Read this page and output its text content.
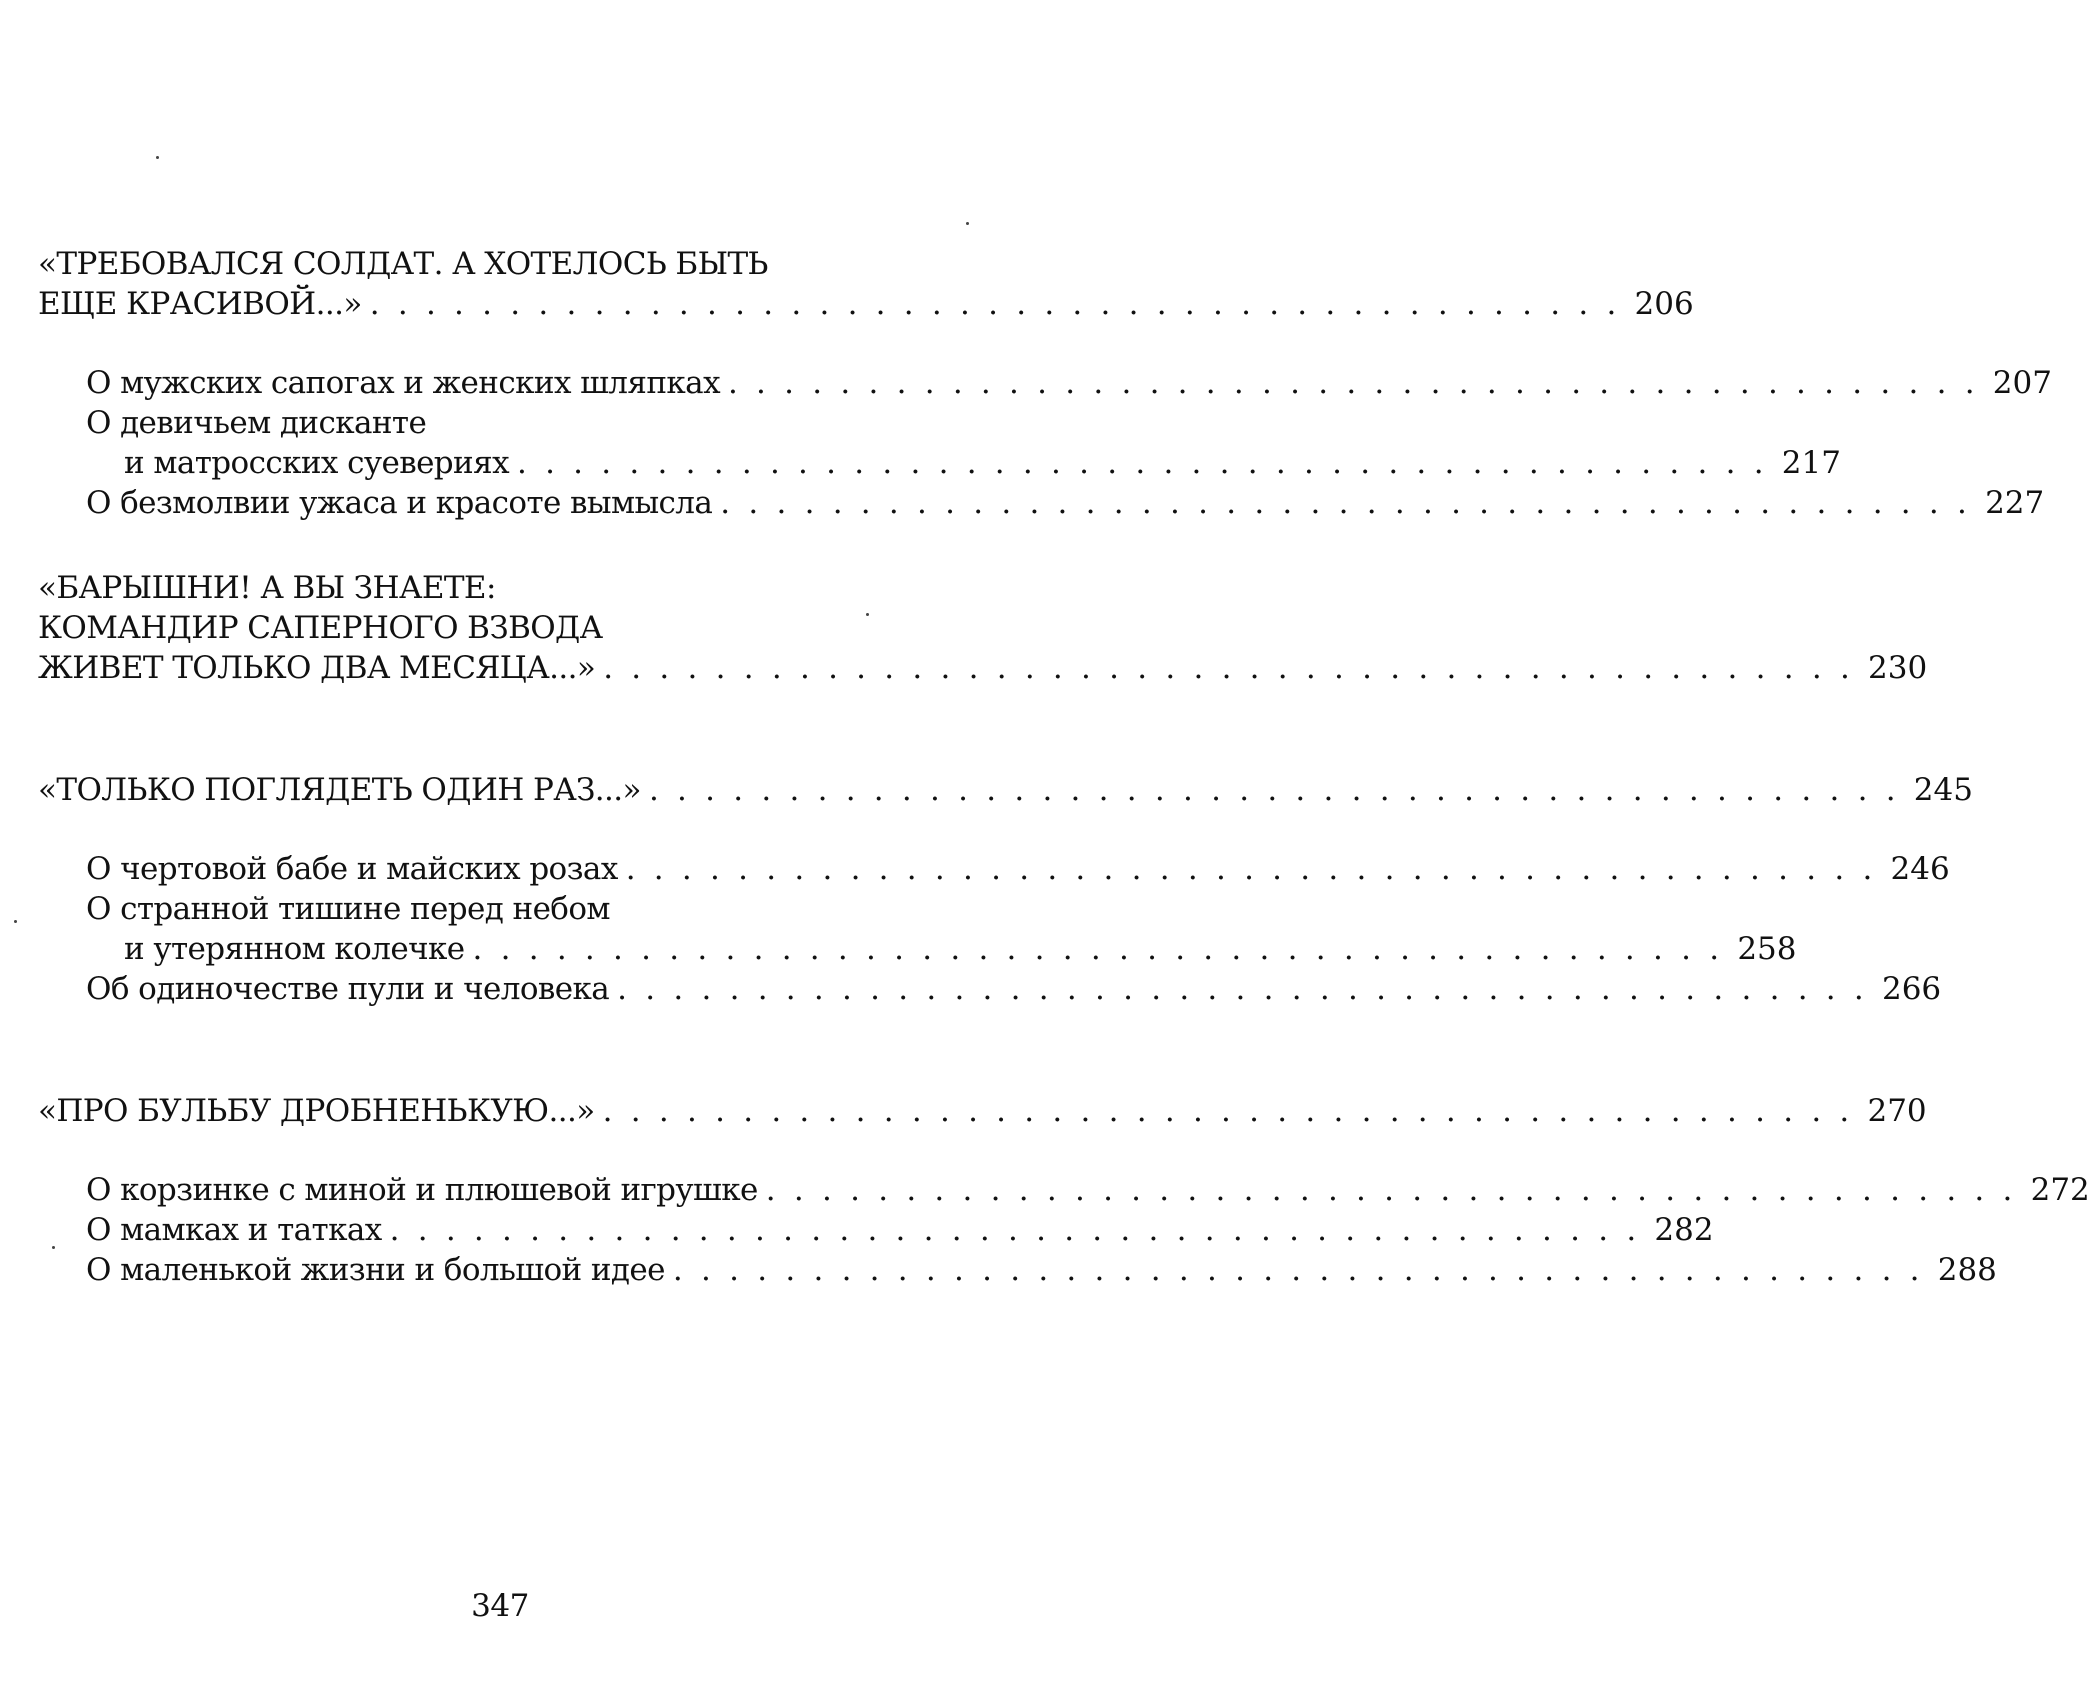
«ТРЕБОВАЛСЯ СОЛДАТ. А ХОТЕЛОСЬ БЫТЬ
ЕЩЕ КРАСИВОЙ...» . . . . . . . . . . . . . . . . . . . . . . . . . . . . . . . . . . . . . . . . . . . . . 206
О мужских сапогах и женских шляпках . . . . . . . . . . . . . . . . . . . . . . . . . . . . . . . . . . . . . . . . . . . . . 207
О девичьем дисканте
и матросских суевериях . . . . . . . . . . . . . . . . . . . . . . . . . . . . . . . . . . . . . . . . . . . . . 217
О безмолвии ужаса и красоте вымысла . . . . . . . . . . . . . . . . . . . . . . . . . . . . . . . . . . . . . . . . . . . . . 227
«БАРЫШНИ! А ВЫ ЗНАЕТЕ:
КОМАНДИР САПЕРНОГО ВЗВОДА
ЖИВЕТ ТОЛЬКО ДВА МЕСЯЦА...» . . . . . . . . . . . . . . . . . . . . . . . . . . . . . . . . . . . . . . . . . . . . . 230
«ТОЛЬКО ПОГЛЯДЕТЬ ОДИН РАЗ...» . . . . . . . . . . . . . . . . . . . . . . . . . . . . . . . . . . . . . . . . . . . . . 245
О чертовой бабе и майских розах . . . . . . . . . . . . . . . . . . . . . . . . . . . . . . . . . . . . . . . . . . . . . 246
О странной тишине перед небом
и утерянном колечке . . . . . . . . . . . . . . . . . . . . . . . . . . . . . . . . . . . . . . . . . . . . . 258
Об одиночестве пули и человека . . . . . . . . . . . . . . . . . . . . . . . . . . . . . . . . . . . . . . . . . . . . . 266
«ПРО БУЛЬБУ ДРОБНЕНЬКУЮ...» . . . . . . . . . . . . . . . . . . . . . . . . . . . . . . . . . . . . . . . . . . . . . 270
О корзинке с миной и плюшевой игрушке . . . . . . . . . . . . . . . . . . . . . . . . . . . . . . . . . . . . . . . . . . . . . 272
О мамках и татках . . . . . . . . . . . . . . . . . . . . . . . . . . . . . . . . . . . . . . . . . . . . . 282
О маленькой жизни и большой идее . . . . . . . . . . . . . . . . . . . . . . . . . . . . . . . . . . . . . . . . . . . . . 288
347
